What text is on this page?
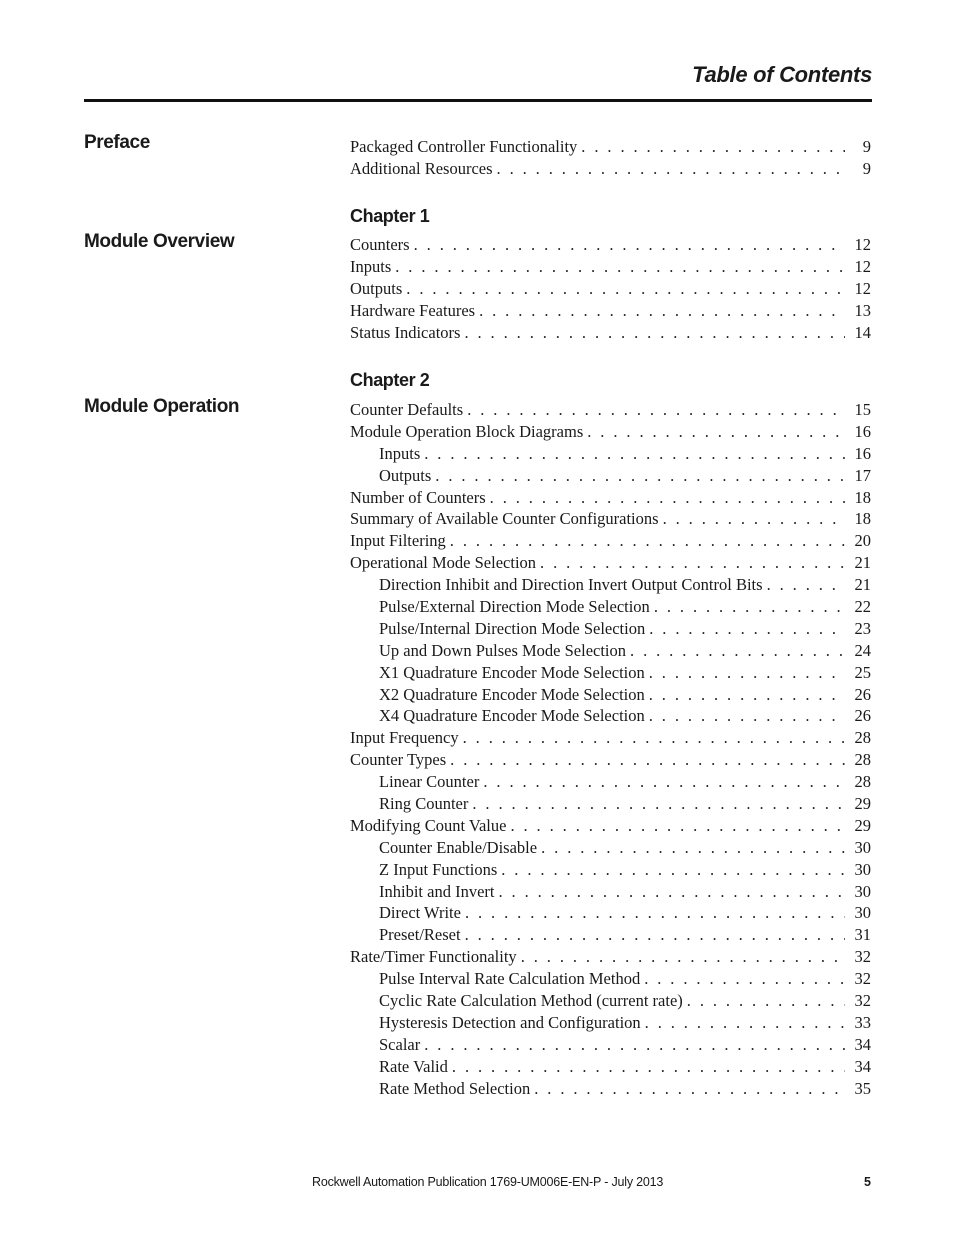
Table of Contents
Preface	Packaged Controller Functionality . . .	9
Additional Resources . . .	9
Chapter 1
Module Overview	Counters . . .	12
Inputs . . .	12
Outputs . . .	12
Hardware Features . . .	13
Status Indicators . . .	14
Chapter 2
Module Operation	Counter Defaults . . .	15
Module Operation Block Diagrams . . .	16
Inputs . . .	16
Outputs . . .	17
Number of Counters . . .	18
Summary of Available Counter Configurations . . .	18
Input Filtering . . .	20
Operational Mode Selection . . .	21
Direction Inhibit and Direction Invert Output Control Bits . . .	21
Pulse/External Direction Mode Selection . . .	22
Pulse/Internal Direction Mode Selection . . .	23
Up and Down Pulses Mode Selection . . .	24
X1 Quadrature Encoder Mode Selection . . .	25
X2 Quadrature Encoder Mode Selection . . .	26
X4 Quadrature Encoder Mode Selection . . .	26
Input Frequency . . .	28
Counter Types . . .	28
Linear Counter . . .	28
Ring Counter . . .	29
Modifying Count Value . . .	29
Counter Enable/Disable . . .	30
Z Input Functions . . .	30
Inhibit and Invert . . .	30
Direct Write . . .	30
Preset/Reset . . .	31
Rate/Timer Functionality . . .	32
Pulse Interval Rate Calculation Method . . .	32
Cyclic Rate Calculation Method (current rate) . . .	32
Hysteresis Detection and Configuration . . .	33
Scalar . . .	34
Rate Valid . . .	34
Rate Method Selection . . .	35
Rockwell Automation Publication 1769-UM006E-EN-P - July 2013	5
